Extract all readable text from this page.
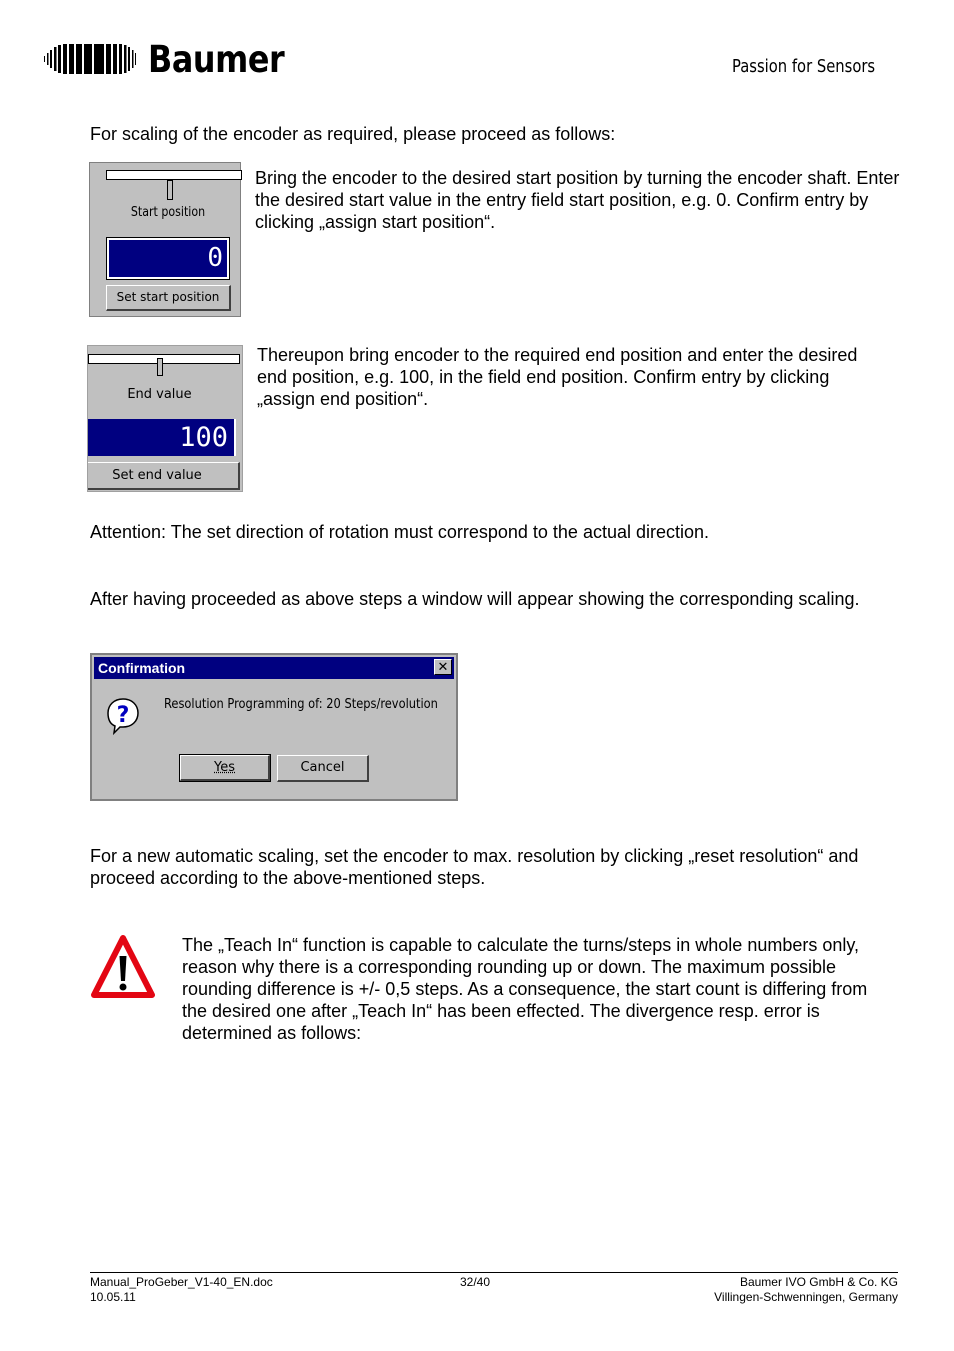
Baumer	Passion for Sensors
For scaling of the encoder as required, please proceed as follows:
Start position
0
Set start position
Bring the encoder to the desired start position by turning the encoder shaft. Enter the desired start value in the entry field start position, e.g. 0. Confirm entry by clicking „assign start position“.
End value
100
Set end value
Thereupon bring encoder to the required end position and enter the desired end position, e.g. 100, in the field end position. Confirm entry by clicking „assign end position“.
Attention: The set direction of rotation must correspond to the actual direction.
After having proceeded as above steps a window will appear showing the corresponding scaling.
Confirmation	✕
?	Resolution Programming of: 20 Steps/revolution
Yes	Cancel
For a new automatic scaling, set the encoder to max. resolution by clicking „reset resolution“ and proceed according to the above-mentioned steps.
The „Teach In“ function is capable to calculate the turns/steps in whole numbers only, reason why there is a corresponding rounding up or down. The maximum possible rounding difference is +/- 0,5 steps. As a consequence, the start count is differing from the desired one after „Teach In“ has been effected. The divergence resp. error is determined as follows:
Manual_ProGeber_V1-40_EN.doc
10.05.11
32/40	Baumer IVO GmbH & Co. KG
Villingen-Schwenningen, Germany
